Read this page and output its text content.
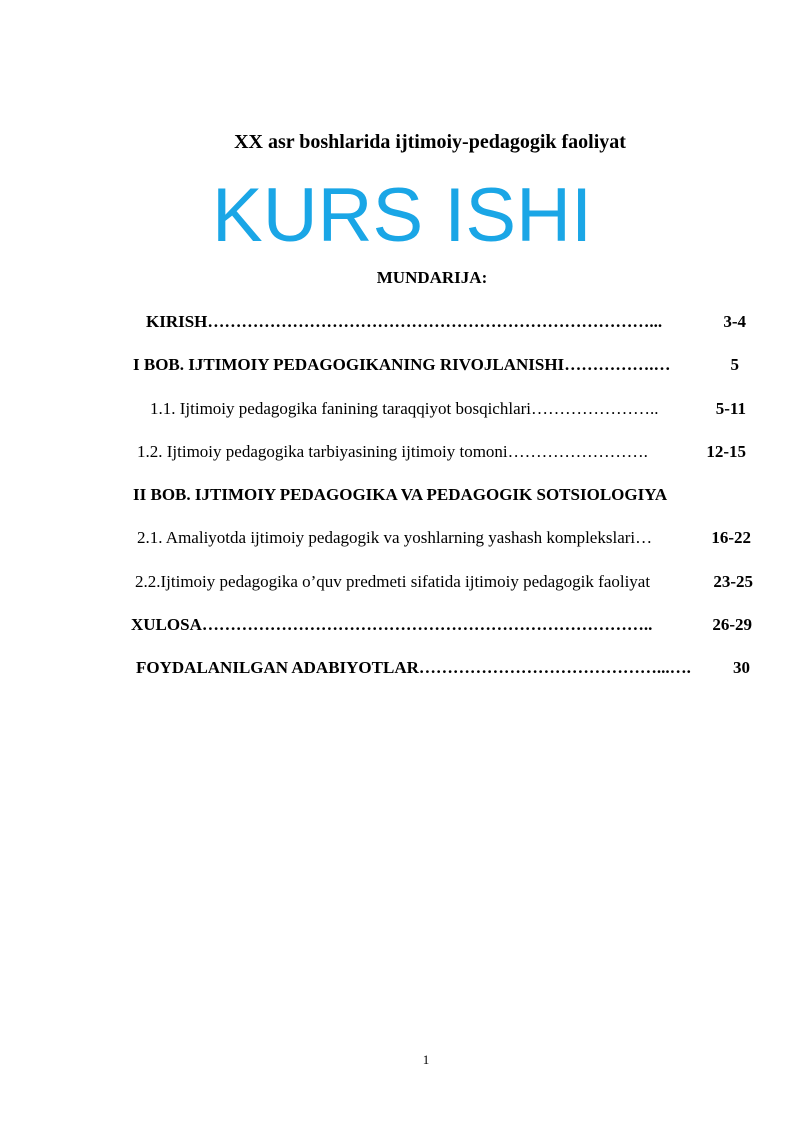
XX asr boshlarida ijtimoiy-pedagogik faoliyat
KURS ISHI
MUNDARIJA:
KIRISH ……………………………………………………………………...	3-4
I BOB. IJTIMOIY PEDAGOGIKANING RIVOJLANISHI …………….…	5
1.1. Ijtimoiy pedagogika fanining taraqqiyot bosqichlari …………………..	5-11
1.2. Ijtimoiy pedagogika tarbiyasining ijtimoiy tomoni …………………….	12-15
II BOB. IJTIMOIY PEDAGOGIKA VA PEDAGOGIK SOTSIOLOGIYA
2.1. Amaliyotda ijtimoiy pedagogik va yoshlarning yashash komplekslari …	16-22
2.2.Ijtimoiy pedagogika o’quv predmeti sifatida ijtimoiy pedagogik faoliyat	23-25
XULOSA ……………………………………………………………………..	26-29
FOYDALANILGAN ADABIYOTLAR ……………………………………...….	30
1
